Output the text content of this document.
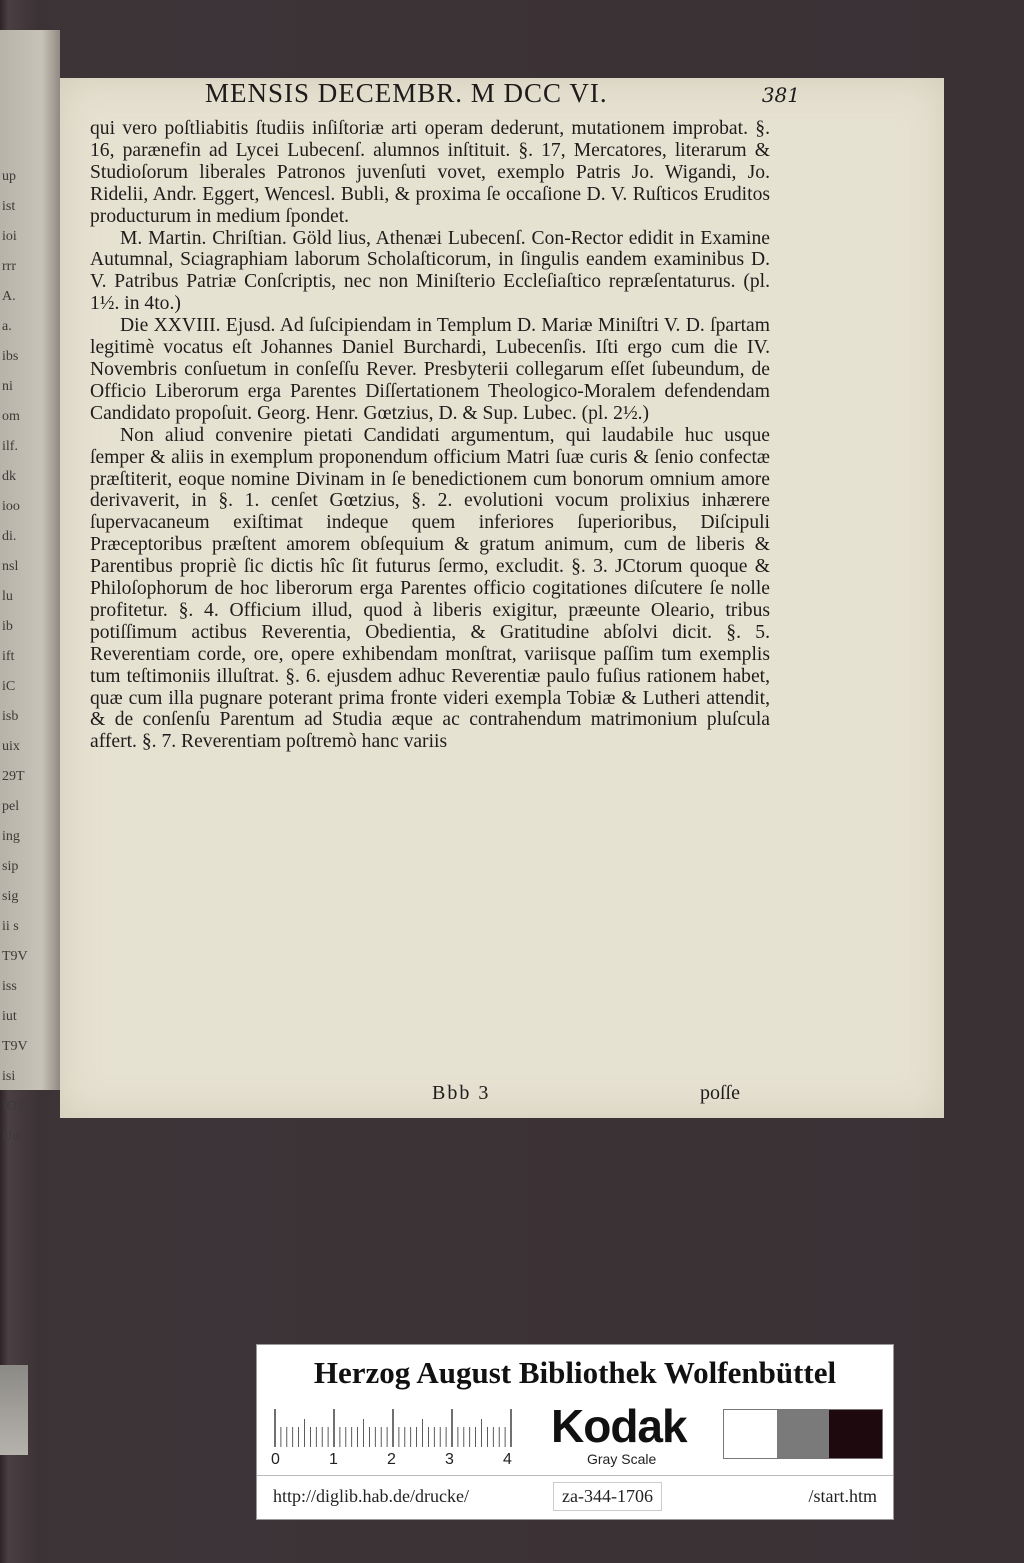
up
ist
ioi
rrr
A.
a.
ibs
ni
om
ilf.
dk
ioo
di.
nsl
lu
ib
ift
iC
isb
uix
29T
pel
ing
sip
sig
ii s
T9V
iss
iut
T9V
isi
IO3
Uu
MENSIS DECEMBR. M DCC VI.	381

qui vero poſtliabitis ſtudiis inſiſtoriæ arti operam dederunt, mutationem improbat. §. 16, parænefin ad Lycei Lubecenſ. alumnos inſtituit. §. 17, Mercatores, literarum & Studioſorum liberales Patronos juvenſuti vovet, exemplo Patris Jo. Wigandi, Jo. Ridelii, Andr. Eggert, Wencesl. Bubli, & proxima ſe occaſione D. V. Ruſticos Eruditos producturum in medium ſpondet.

M. Martin. Chriſtian. Göld lius, Athenæi Lubecenſ. Con-Rector edidit in Examine Autumnal, Sciagraphiam laborum Scholaſticorum, in ſingulis eandem examinibus D. V. Patribus Patriæ Conſcriptis, nec non Miniſterio Eccleſiaſtico repræſentaturus. (pl. 1½. in 4to.)

Die XXVIII. Ejusd. Ad ſuſcipiendam in Templum D. Mariæ Miniſtri V. D. ſpartam legitimè vocatus eſt Johannes Daniel Burchardi, Lubecenſis. Iſti ergo cum die IV. Novembris conſuetum in conſeſſu Rever. Presbyterii collegarum eſſet ſubeundum, de Officio Liberorum erga Parentes Diſſertationem Theologico-Moralem defendendam Candidato propoſuit. Georg. Henr. Gœtzius, D. & Sup. Lubec. (pl. 2½.)

Non aliud convenire pietati Candidati argumentum, qui laudabile huc usque ſemper & aliis in exemplum proponendum officium Matri ſuæ curis & ſenio confectæ præſtiterit, eoque nomine Divinam in ſe benedictionem cum bonorum omnium amore derivaverit, in §. 1. cenſet Gœtzius, §. 2. evolutioni vocum prolixius inhærere ſupervacaneum exiſtimat indeque quem inferiores ſuperioribus, Diſcipuli Præceptoribus præſtent amorem obſequium & gratum animum, cum de liberis & Parentibus propriè ſic dictis hîc ſit futurus ſermo, excludit. §. 3. JCtorum quoque & Philoſophorum de hoc liberorum erga Parentes officio cogitationes diſcutere ſe nolle profitetur. §. 4. Officium illud, quod à liberis exigitur, præeunte Oleario, tribus potiſſimum actibus Reverentia, Obedientia, & Gratitudine abſolvi dicit. §. 5. Reverentiam corde, ore, opere exhibendam monſtrat, variisque paſſim tum exemplis tum teſtimoniis illuſtrat. §. 6. ejusdem adhuc Reverentiæ paulo fuſius rationem habet, quæ cum illa pugnare poterant prima fronte videri exempla Tobiæ & Lutheri attendit, & de conſenſu Parentum ad Studia æque ac contrahendum matrimonium pluſcula affert. §. 7. Reverentiam poſtremò hanc variis

Bbb 3	poſſe
Herzog August Bibliothek Wolfenbüttel
0	1	2	3	4
Kodak
Gray Scale
http://diglib.hab.de/drucke/	za-344-1706	/start.htm
